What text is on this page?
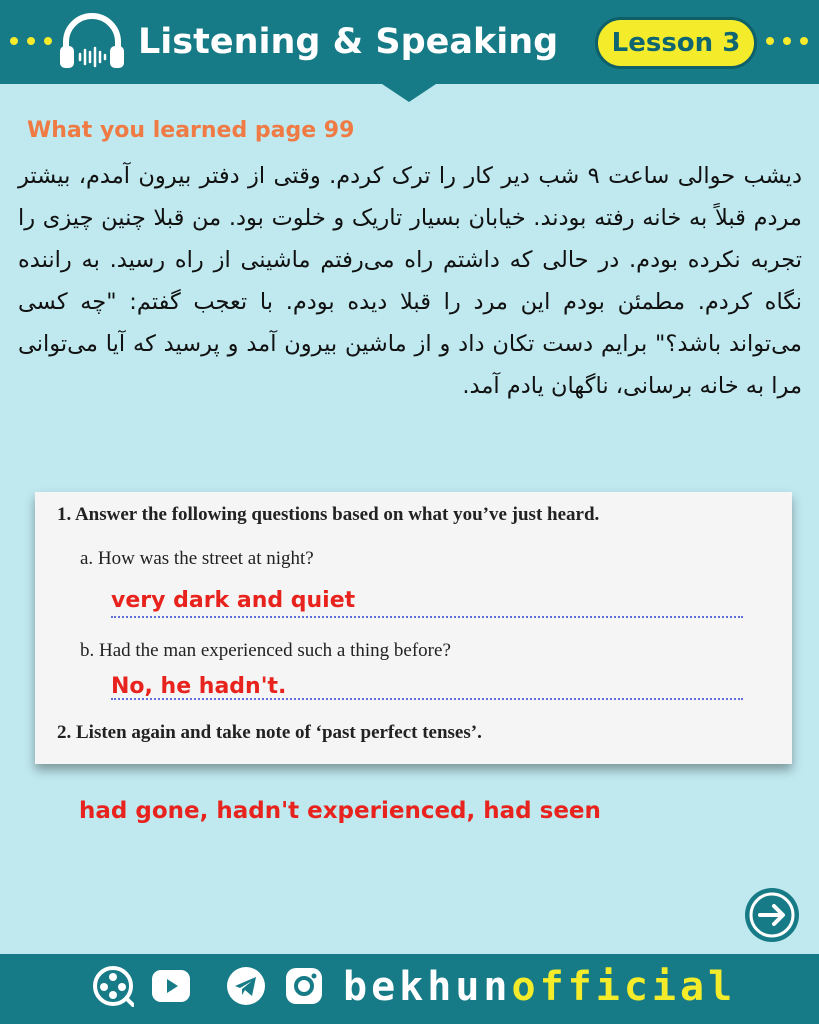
Listening & Speaking	Lesson 3
What you learned page 99
دیشب حوالی ساعت ۹ شب دیر کار را ترک کردم. وقتی از دفتر بیرون آمدم، بیشتر مردم قبلاً به خانه رفته بودند. خیابان بسیار تاریک و خلوت بود. من قبلا چنین چیزی را تجربه نکرده بودم. در حالی که داشتم راه می‌رفتم ماشینی از راه رسید. به راننده نگاه کردم. مطمئن بودم این مرد را قبلا دیده بودم. با تعجب گفتم: "چه کسی می‌تواند باشد؟" برایم دست تکان داد و از ماشین بیرون آمد و پرسید که آیا می‌توانی مرا به خانه برسانی، ناگهان یادم آمد.
1. Answer the following questions based on what you’ve just heard.
a. How was the street at night?
very dark and quiet
b. Had the man experienced such a thing before?
No, he hadn't.
2. Listen again and take note of ‘past perfect tenses’.
had gone, hadn't experienced, had seen
bekhunofficial
